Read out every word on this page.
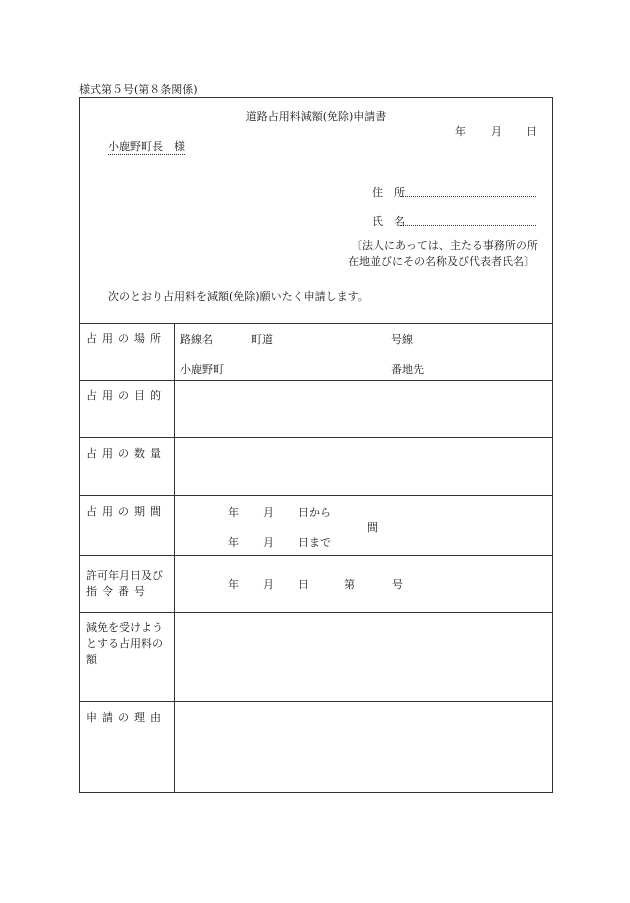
様式第５号(第８条関係)
道路占用料減額(免除)申請書
年 月 日
小鹿野町長　様
住　所
氏　名
〔法人にあっては、主たる事務所の所
在地並びにその名称及び代表者氏名〕
次のとおり占用料を減額(免除)願いたく申請します。
占用の場所	路線名	町道	号線
小鹿野町	番地先
占用の目的
占用の数量
占用の期間	年 月 日から
間
年 月 日まで
許可年月日及び
指令番号
年 月 日	第	号
減免を受けよう
とする占用料の
額
申請の理由
